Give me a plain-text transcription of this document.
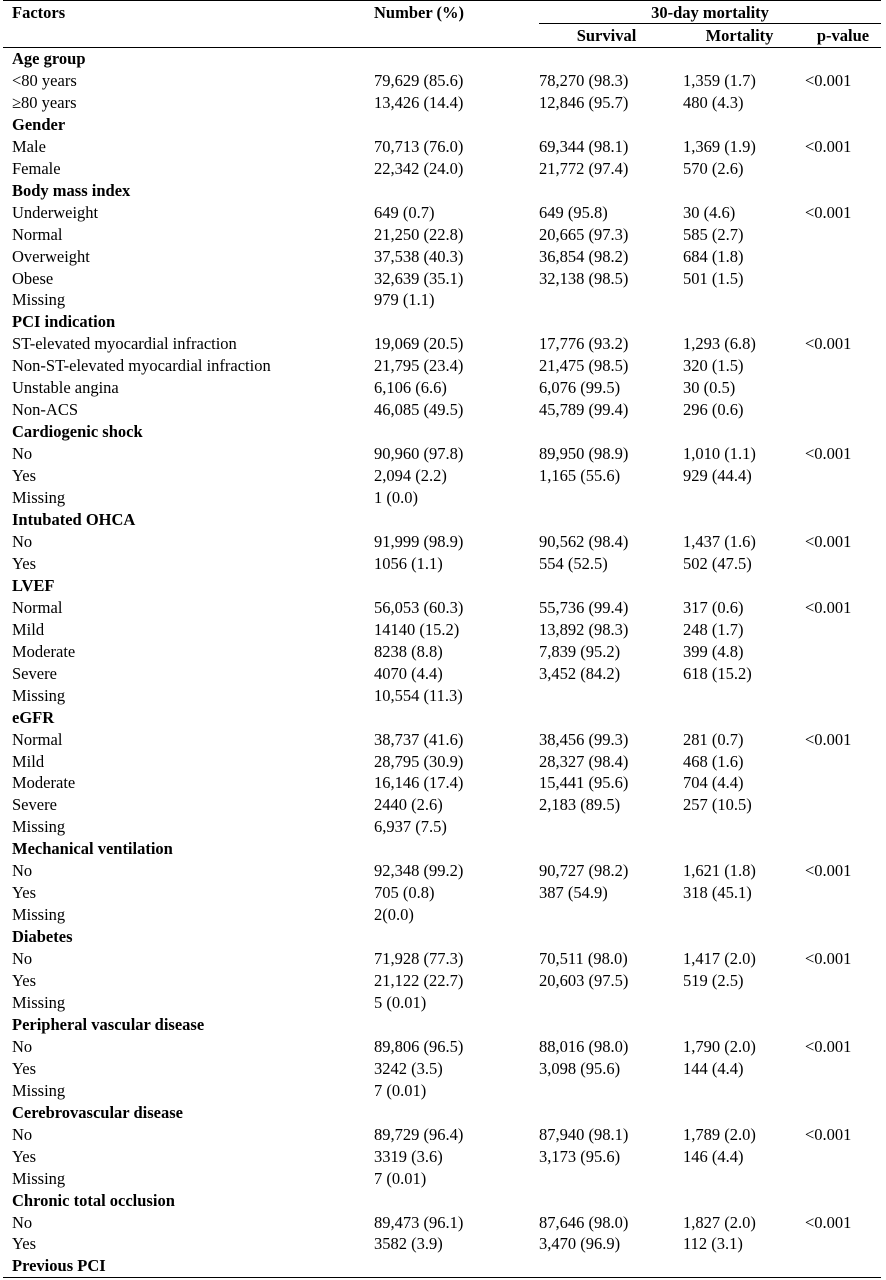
Factors	Number (%)	30-day mortality		

		Survival	Mortality	p-value
Age group				
<80 years	79,629 (85.6)	78,270 (98.3)	1,359 (1.7)	<0.001
≥80 years	13,426 (14.4)	12,846 (95.7)	480 (4.3)	
Gender				
Male	70,713 (76.0)	69,344 (98.1)	1,369 (1.9)	<0.001
Female	22,342 (24.0)	21,772 (97.4)	570 (2.6)	
Body mass index				
Underweight	649 (0.7)	649 (95.8)	30 (4.6)	<0.001
Normal	21,250 (22.8)	20,665 (97.3)	585 (2.7)	
Overweight	37,538 (40.3)	36,854 (98.2)	684 (1.8)	
Obese	32,639 (35.1)	32,138 (98.5)	501 (1.5)	
Missing	979 (1.1)			
PCI indication				
ST-elevated myocardial infraction	19,069 (20.5)	17,776 (93.2)	1,293 (6.8)	<0.001
Non-ST-elevated myocardial infraction	21,795 (23.4)	21,475 (98.5)	320 (1.5)	
Unstable angina	6,106 (6.6)	6,076 (99.5)	30 (0.5)	
Non-ACS	46,085 (49.5)	45,789 (99.4)	296 (0.6)	
Cardiogenic shock				
No	90,960 (97.8)	89,950 (98.9)	1,010 (1.1)	<0.001
Yes	2,094 (2.2)	1,165 (55.6)	929 (44.4)	
Missing	1 (0.0)			
Intubated OHCA				
No	91,999 (98.9)	90,562 (98.4)	1,437 (1.6)	<0.001
Yes	1056 (1.1)	554 (52.5)	502 (47.5)	
LVEF				
Normal	56,053 (60.3)	55,736 (99.4)	317 (0.6)	<0.001
Mild	14140 (15.2)	13,892 (98.3)	248 (1.7)	
Moderate	8238 (8.8)	7,839 (95.2)	399 (4.8)	
Severe	4070 (4.4)	3,452 (84.2)	618 (15.2)	
Missing	10,554 (11.3)			
eGFR				
Normal	38,737 (41.6)	38,456 (99.3)	281 (0.7)	<0.001
Mild	28,795 (30.9)	28,327 (98.4)	468 (1.6)	
Moderate	16,146 (17.4)	15,441 (95.6)	704 (4.4)	
Severe	2440 (2.6)	2,183 (89.5)	257 (10.5)	
Missing	6,937 (7.5)			
Mechanical ventilation				
No	92,348 (99.2)	90,727 (98.2)	1,621 (1.8)	<0.001
Yes	705 (0.8)	387 (54.9)	318 (45.1)	
Missing	2(0.0)			
Diabetes				
No	71,928 (77.3)	70,511 (98.0)	1,417 (2.0)	<0.001
Yes	21,122 (22.7)	20,603 (97.5)	519 (2.5)	
Missing	5 (0.01)			
Peripheral vascular disease				
No	89,806 (96.5)	88,016 (98.0)	1,790 (2.0)	<0.001
Yes	3242 (3.5)	3,098 (95.6)	144 (4.4)	
Missing	7 (0.01)			
Cerebrovascular disease				
No	89,729 (96.4)	87,940 (98.1)	1,789 (2.0)	<0.001
Yes	3319 (3.6)	3,173 (95.6)	146 (4.4)	
Missing	7 (0.01)			
Chronic total occlusion				
No	89,473 (96.1)	87,646 (98.0)	1,827 (2.0)	<0.001
Yes	3582 (3.9)	3,470 (96.9)	112 (3.1)	
Previous PCI				
